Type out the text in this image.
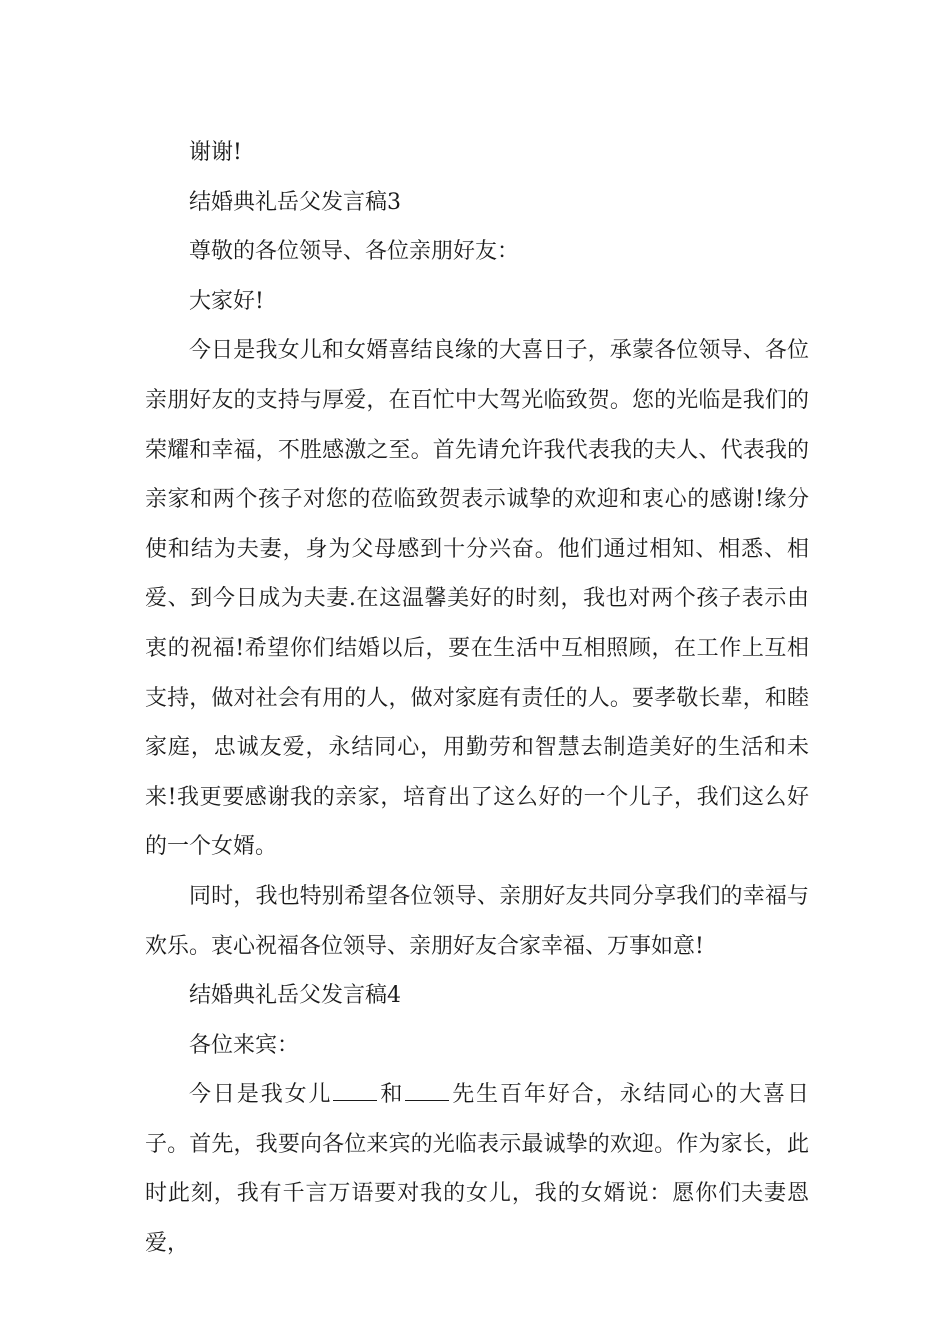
谢谢!

结婚典礼岳父发言稿3

尊敬的各位领导、各位亲朋好友：

大家好!

今日是我女儿和女婿喜结良缘的大喜日子，承蒙各位领导、各位亲朋好友的支持与厚爱，在百忙中大驾光临致贺。您的光临是我们的荣耀和幸福，不胜感激之至。首先请允许我代表我的夫人、代表我的亲家和两个孩子对您的莅临致贺表示诚挚的欢迎和衷心的感谢!缘分使和结为夫妻，身为父母感到十分兴奋。他们通过相知、相悉、相爱、到今日成为夫妻.在这温馨美好的时刻，我也对两个孩子表示由衷的祝福!希望你们结婚以后，要在生活中互相照顾，在工作上互相支持，做对社会有用的人，做对家庭有责任的人。要孝敬长辈，和睦家庭，忠诚友爱，永结同心，用勤劳和智慧去制造美好的生活和未来!我更要感谢我的亲家，培育出了这么好的一个儿子，我们这么好的一个女婿。

同时，我也特别希望各位领导、亲朋好友共同分享我们的幸福与欢乐。衷心祝福各位领导、亲朋好友合家幸福、万事如意!

结婚典礼岳父发言稿4

各位来宾：

今日是我女儿 和 先生百年好合，永结同心的大喜日子。首先，我要向各位来宾的光临表示最诚挚的欢迎。作为家长，此时此刻，我有千言万语要对我的女儿，我的女婿说：愿你们夫妻恩爱，
